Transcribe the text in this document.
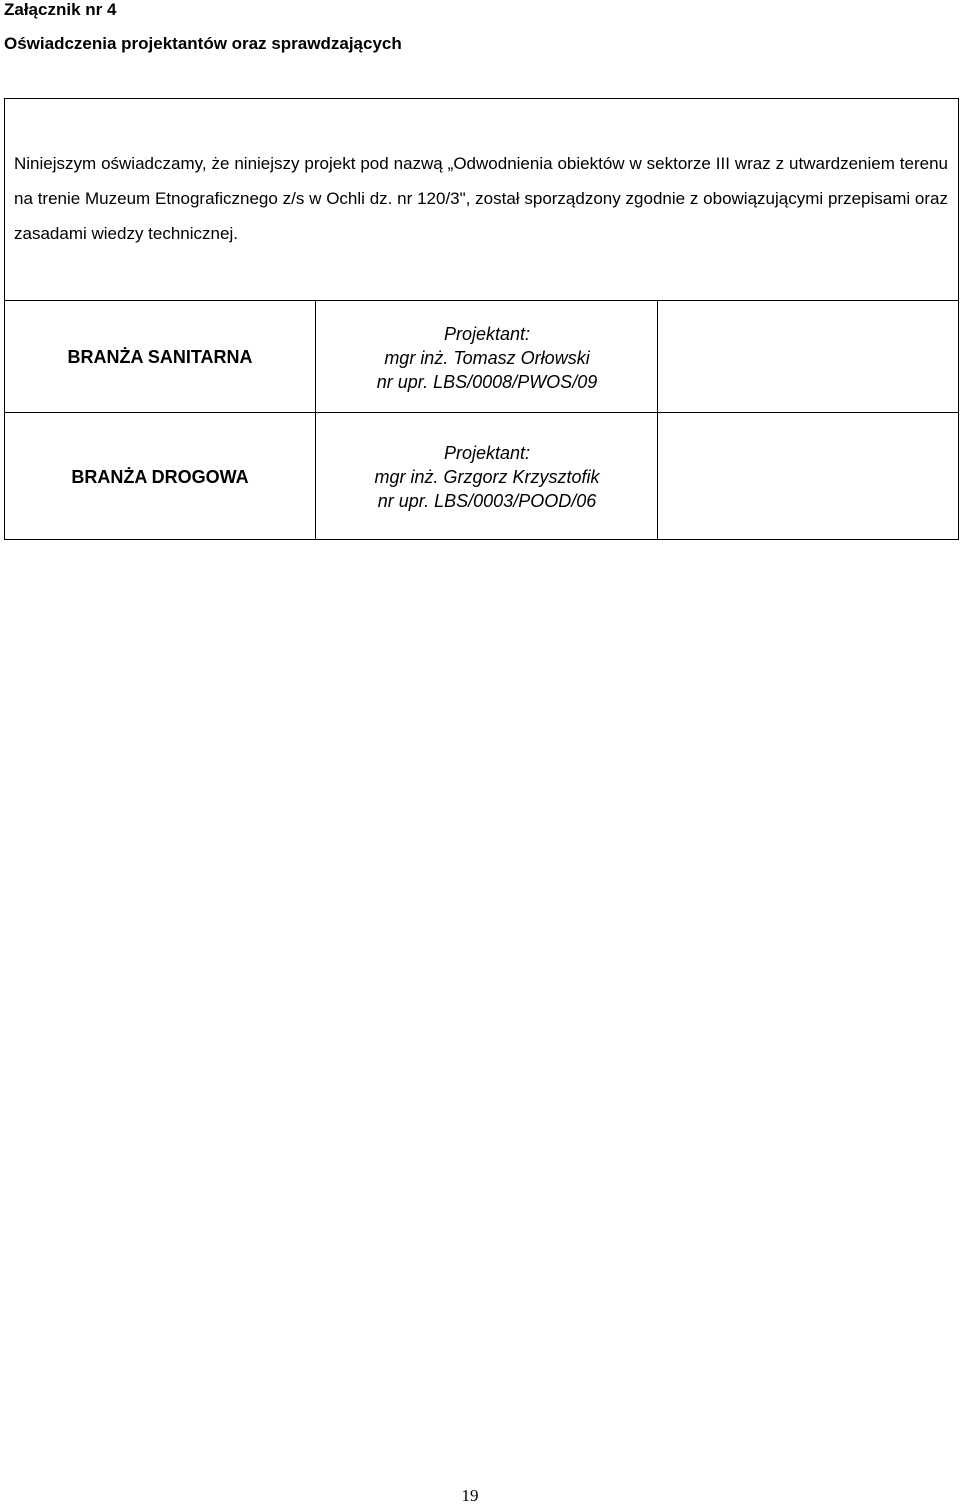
Załącznik nr 4
Oświadczenia projektantów oraz sprawdzających
Niniejszym oświadczamy, że niniejszy projekt pod nazwą „Odwodnienia obiektów w sektorze III wraz z utwardzeniem terenu na trenie Muzeum Etnograficznego z/s w Ochli dz. nr 120/3", został sporządzony zgodnie z obowiązującymi przepisami oraz zasadami wiedzy technicznej.
BRANŻA SANITARNA
Projektant:
mgr inż. Tomasz Orłowski
nr upr. LBS/0008/PWOS/09
BRANŻA DROGOWA
Projektant:
mgr inż. Grzgorz Krzysztofik
nr upr. LBS/0003/POOD/06
19
